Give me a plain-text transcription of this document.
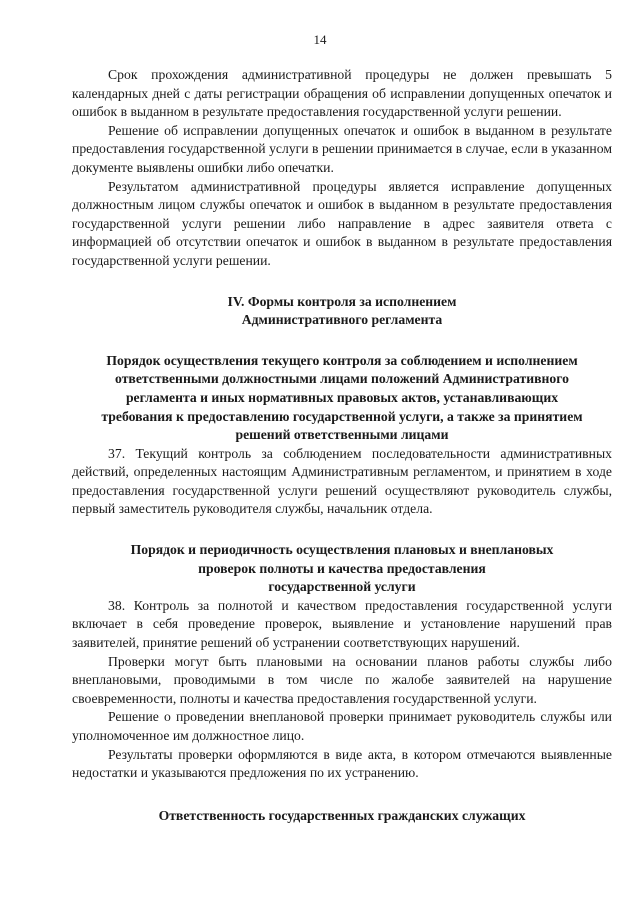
14

Срок прохождения административной процедуры не должен превышать 5 календарных дней с даты регистрации обращения об исправлении допущенных опечаток и ошибок в выданном в результате предоставления государственной услуги решении.

Решение об исправлении допущенных опечаток и ошибок в выданном в результате предоставления государственной услуги в решении принимается в случае, если в указанном документе выявлены ошибки либо опечатки.

Результатом административной процедуры является исправление допущенных должностным лицом службы опечаток и ошибок в выданном в результате предоставления государственной услуги решении либо направление в адрес заявителя ответа с информацией об отсутствии опечаток и ошибок в выданном в результате предоставления государственной услуги решении.

IV. Формы контроля за исполнением
Административного регламента
Порядок осуществления текущего контроля за соблюдением и исполнением
ответственными должностными лицами положений Административного
регламента и иных нормативных правовых актов, устанавливающих
требования к предоставлению государственной услуги, а также за принятием
решений ответственными лицами

37. Текущий контроль за соблюдением последовательности административных действий, определенных настоящим Административным регламентом, и принятием в ходе предоставления государственной услуги решений осуществляют руководитель службы, первый заместитель руководителя службы, начальник отдела.

Порядок и периодичность осуществления плановых и внеплановых
проверок полноты и качества предоставления
государственной услуги

38. Контроль за полнотой и качеством предоставления государственной услуги включает в себя проведение проверок, выявление и установление нарушений прав заявителей, принятие решений об устранении соответствующих нарушений.

Проверки могут быть плановыми на основании планов работы службы либо внеплановыми, проводимыми в том числе по жалобе заявителей на нарушение своевременности, полноты и качества предоставления государственной услуги.

Решение о проведении внеплановой проверки принимает руководитель службы или уполномоченное им должностное лицо.

Результаты проверки оформляются в виде акта, в котором отмечаются выявленные недостатки и указываются предложения по их устранению.

Ответственность государственных гражданских служащих
